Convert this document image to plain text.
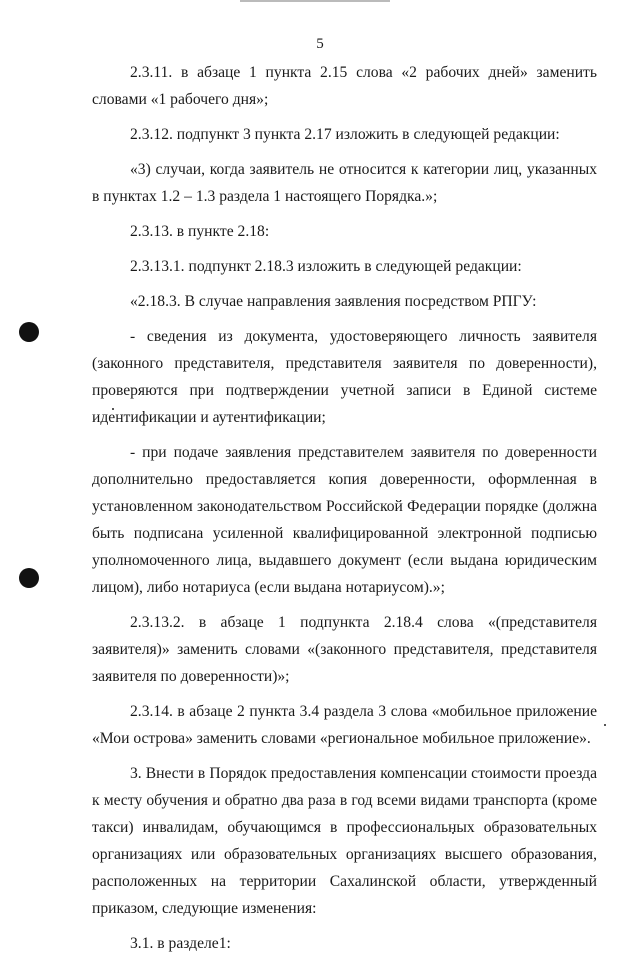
5

2.3.11. в абзаце 1 пункта 2.15 слова «2 рабочих дней» заменить словами «1 рабочего дня»;

2.3.12. подпункт 3 пункта 2.17 изложить в следующей редакции:

«3) случаи, когда заявитель не относится к категории лиц, указанных в пунктах 1.2 – 1.3 раздела 1 настоящего Порядка.»;

2.3.13. в пункте 2.18:

2.3.13.1. подпункт 2.18.3 изложить в следующей редакции:

«2.18.3. В случае направления заявления посредством РПГУ:

- сведения из документа, удостоверяющего личность заявителя (законного представителя, представителя заявителя по доверенности), проверяются при подтверждении учетной записи в Единой системе идентификации и аутентификации;

- при подаче заявления представителем заявителя по доверенности дополнительно предоставляется копия доверенности, оформленная в установленном законодательством Российской Федерации порядке (должна быть подписана усиленной квалифицированной электронной подписью уполномоченного лица, выдавшего документ (если выдана юридическим лицом), либо нотариуса (если выдана нотариусом).»;

2.3.13.2. в абзаце 1 подпункта 2.18.4 слова «(представителя заявителя)» заменить словами «(законного представителя, представителя заявителя по доверенности)»;

2.3.14. в абзаце 2 пункта 3.4 раздела 3 слова «мобильное приложение «Мои острова» заменить словами «региональное мобильное приложение».

3. Внести в Порядок предоставления компенсации стоимости проезда к месту обучения и обратно два раза в год всеми видами транспорта (кроме такси) инвалидам, обучающимся в профессиональных образовательных организациях или образовательных организациях высшего образования, расположенных на территории Сахалинской области, утвержденный приказом, следующие изменения:

3.1. в разделе1:
